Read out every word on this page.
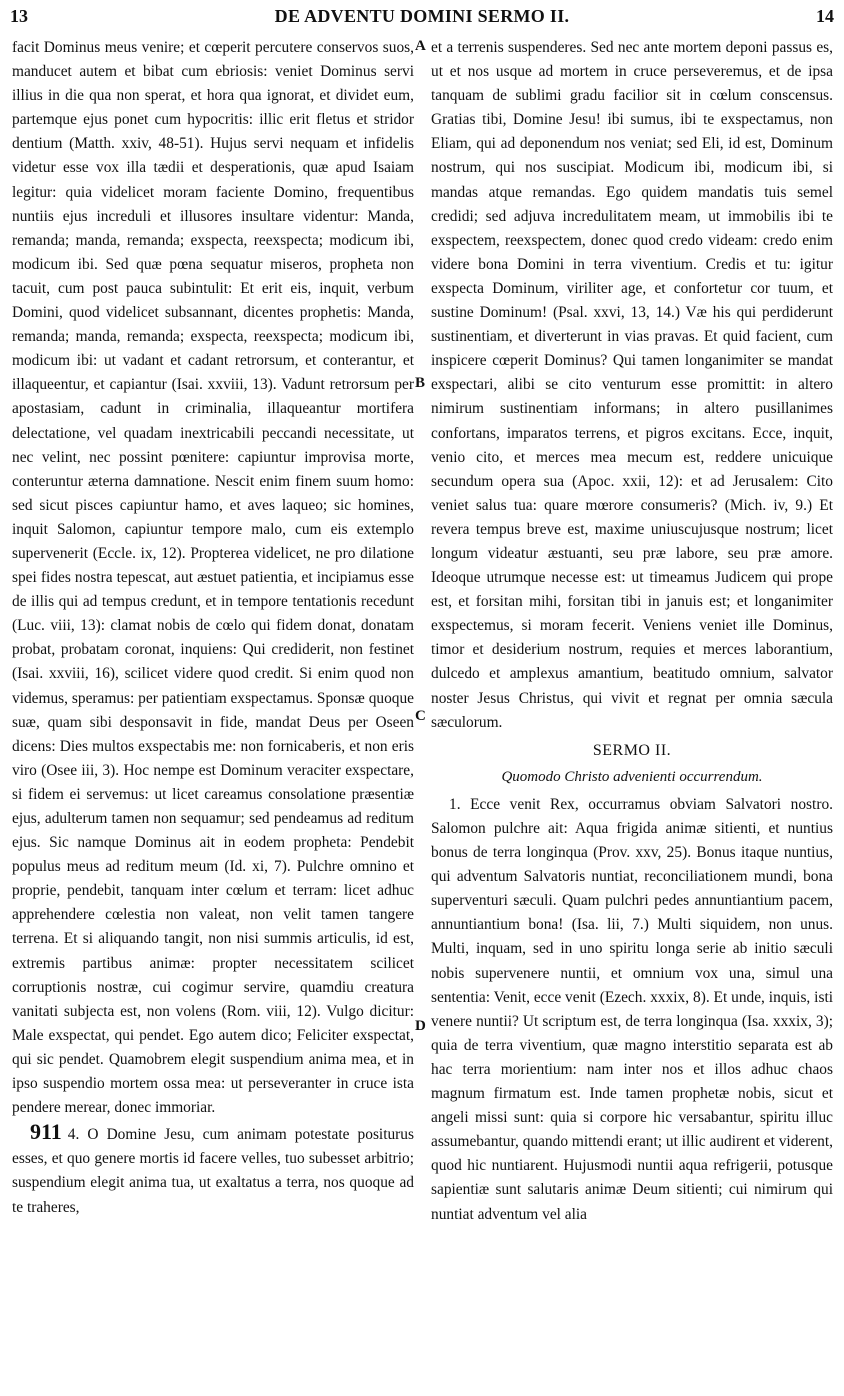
13	DE ADVENTU DOMINI SERMO II.	14

facit Dominus meus venire; et cœperit percutere conservos suos, manducet autem et bibat cum ebriosis: veniet Dominus servi illius in die qua non sperat, et hora qua ignorat, et dividet eum, partemque ejus ponet cum hypocritis: illic erit fletus et stridor dentium (Matth. xxiv, 48-51). Hujus servi nequam et infidelis videtur esse vox illa tædii et desperationis, quæ apud Isaiam legitur: quia videlicet moram faciente Domino, frequentibus nuntiis ejus increduli et illusores insultare videntur: Manda, remanda; manda, remanda; exspecta, reexspecta; modicum ibi, modicum ibi. Sed quæ pœna sequatur miseros, propheta non tacuit, cum post pauca subintulit: Et erit eis, inquit, verbum Domini, quod videlicet subsannant, dicentes prophetis: Manda, remanda; manda, remanda; exspecta, reexspecta; modicum ibi, modicum ibi: ut vadant et cadant retrorsum, et conterantur, et illaqueentur, et capiantur (Isai. xxviii, 13). Vadunt retrorsum per apostasiam, cadunt in criminalia, illaqueantur mortifera delectatione, vel quadam inextricabili peccandi necessitate, ut nec velint, nec possint pœnitere: capiuntur improvisa morte, conteruntur æterna damnatione. Nescit enim finem suum homo: sed sicut pisces capiuntur hamo, et aves laqueo; sic homines, inquit Salomon, capiuntur tempore malo, cum eis extemplo supervenerit (Eccle. ix, 12). Propterea videlicet, ne pro dilatione spei fides nostra tepescat, aut æstuet patientia, et incipiamus esse de illis qui ad tempus credunt, et in tempore tentationis recedunt (Luc. viii, 13): clamat nobis de cœlo qui fidem donat, donatam probat, probatam coronat, inquiens: Qui crediderit, non festinet (Isai. xxviii, 16), scilicet videre quod credit. Si enim quod non videmus, speramus: per patientiam exspectamus. Sponsæ quoque suæ, quam sibi desponsavit in fide, mandat Deus per Oseen dicens: Dies multos exspectabis me: non fornicaberis, et non eris viro (Osee iii, 3). Hoc nempe est Dominum veraciter exspectare, si fidem ei servemus: ut licet careamus consolatione præsentiæ ejus, adulterum tamen non sequamur; sed pendeamus ad reditum ejus. Sic namque Dominus ait in eodem propheta: Pendebit populus meus ad reditum meum (Id. xi, 7). Pulchre omnino et proprie, pendebit, tanquam inter cœlum et terram: licet adhuc apprehendere cœlestia non valeat, non velit tamen tangere terrena. Et si aliquando tangit, non nisi summis articulis, id est, extremis partibus animæ: propter necessitatem scilicet corruptionis nostræ, cui cogimur servire, quamdiu creatura vanitati subjecta est, non volens (Rom. viii, 12). Vulgo dicitur: Male exspectat, qui pendet. Ego autem dico; Feliciter exspectat, qui sic pendet. Quamobrem elegit suspendium anima mea, et in ipso suspendio mortem ossa mea: ut perseveranter in cruce ista pendere merear, donec immoriar.

911 4. O Domine Jesu, cum animam potestate positurus esses, et quo genere mortis id facere velles, tuo subesset arbitrio; suspendium elegit anima tua, ut exaltatus a terra, nos quoque ad te traheres,

A
B
C
D

et a terrenis suspenderes. Sed nec ante mortem deponi passus es, ut et nos usque ad mortem in cruce perseveremus, et de ipsa tanquam de sublimi gradu facilior sit in cœlum conscensus. Gratias tibi, Domine Jesu! ibi sumus, ibi te exspectamus, non Eliam, qui ad deponendum nos veniat; sed Eli, id est, Dominum nostrum, qui nos suscipiat. Modicum ibi, modicum ibi, si mandas atque remandas. Ego quidem mandatis tuis semel credidi; sed adjuva incredulitatem meam, ut immobilis ibi te exspectem, reexspectem, donec quod credo videam: credo enim videre bona Domini in terra viventium. Credis et tu: igitur exspecta Dominum, viriliter age, et confortetur cor tuum, et sustine Dominum! (Psal. xxvi, 13, 14.) Væ his qui perdiderunt sustinentiam, et diverterunt in vias pravas. Et quid facient, cum inspicere cœperit Dominus? Qui tamen longanimiter se mandat exspectari, alibi se cito venturum esse promittit: in altero nimirum sustinentiam informans; in altero pusillanimes confortans, imparatos terrens, et pigros excitans. Ecce, inquit, venio cito, et merces mea mecum est, reddere unicuique secundum opera sua (Apoc. xxii, 12): et ad Jerusalem: Cito veniet salus tua: quare mœrore consumeris? (Mich. iv, 9.) Et revera tempus breve est, maxime uniuscujusque nostrum; licet longum videatur æstuanti, seu præ labore, seu præ amore. Ideoque utrumque necesse est: ut timeamus Judicem qui prope est, et forsitan mihi, forsitan tibi in januis est; et longanimiter exspectemus, si moram fecerit. Veniens veniet ille Dominus, timor et desiderium nostrum, requies et merces laborantium, dulcedo et amplexus amantium, beatitudo omnium, salvator noster Jesus Christus, qui vivit et regnat per omnia sæcula sæculorum.

SERMO II.
Quomodo Christo advenienti occurrendum.

1. Ecce venit Rex, occurramus obviam Salvatori nostro. Salomon pulchre ait: Aqua frigida animæ sitienti, et nuntius bonus de terra longinqua (Prov. xxv, 25). Bonus itaque nuntius, qui adventum Salvatoris nuntiat, reconciliationem mundi, bona superventuri sæculi. Quam pulchri pedes annuntiantium pacem, annuntiantium bona! (Isa. lii, 7.) Multi siquidem, non unus. Multi, inquam, sed in uno spiritu longa serie ab initio sæculi nobis supervenere nuntii, et omnium vox una, simul una sententia: Venit, ecce venit (Ezech. xxxix, 8). Et unde, inquis, isti venere nuntii? Ut scriptum est, de terra longinqua (Isa. xxxix, 3); quia de terra viventium, quæ magno interstitio separata est ab hac terra morientium: nam inter nos et illos adhuc chaos magnum firmatum est. Inde tamen prophetæ nobis, sicut et angeli missi sunt: quia si corpore hic versabantur, spiritu illuc assumebantur, quando mittendi erant; ut illic audirent et viderent, quod hic nuntiarent. Hujusmodi nuntii aqua refrigerii, potusque sapientiæ sunt salutaris animæ Deum sitienti; cui nimirum qui nuntiat adventum vel alia
